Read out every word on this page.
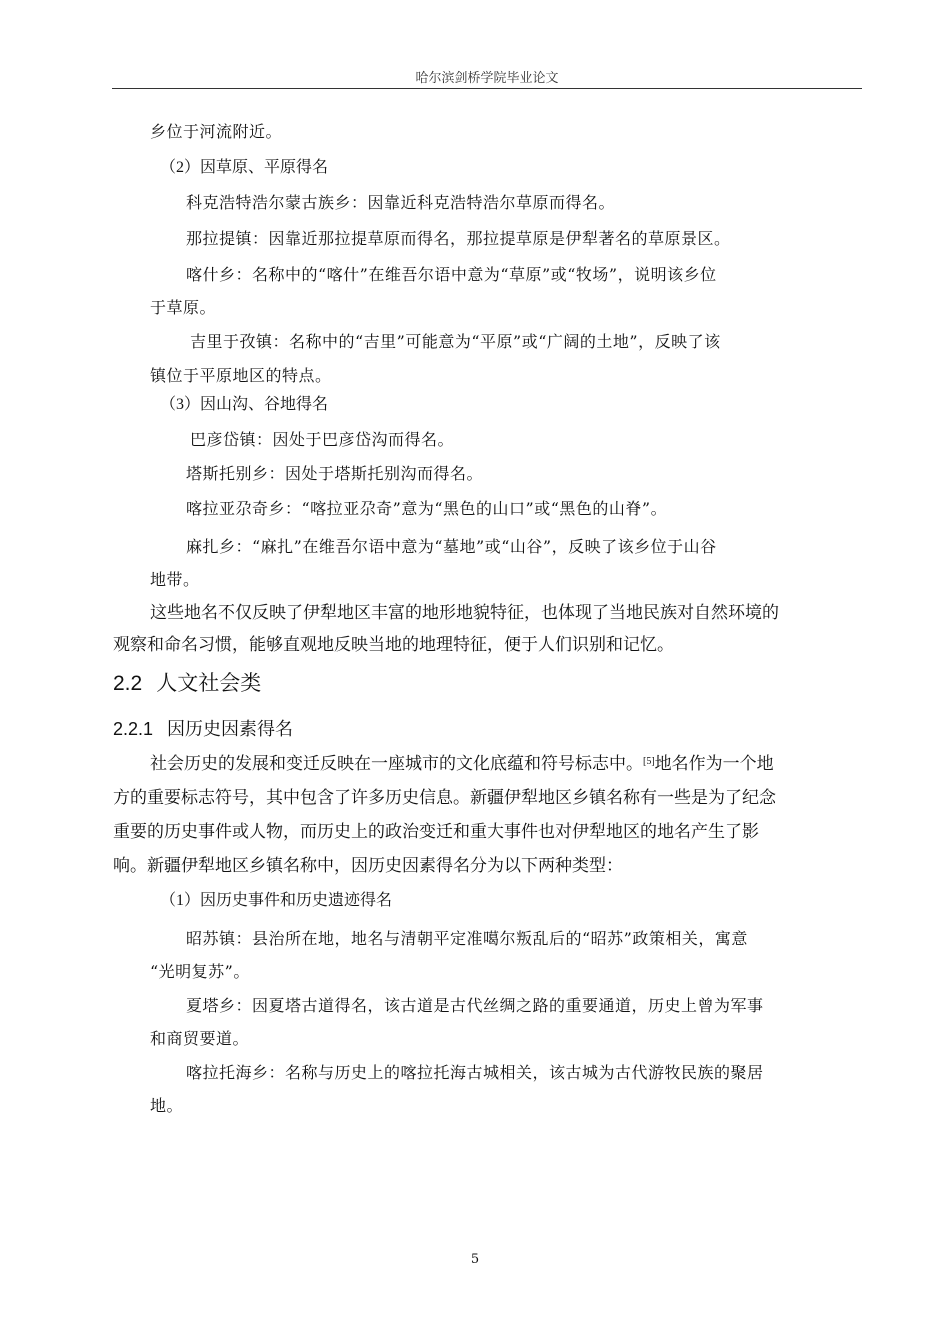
哈尔滨剑桥学院毕业论文
乡位于河流附近。
（2）因草原、平原得名
科克浩特浩尔蒙古族乡：因靠近科克浩特浩尔草原而得名。
那拉提镇：因靠近那拉提草原而得名，那拉提草原是伊犁著名的草原景区。
喀什乡：名称中的“喀什”在维吾尔语中意为“草原”或“牧场”，说明该乡位
于草原。
吉里于孜镇：名称中的“吉里”可能意为“平原”或“广阔的土地”，反映了该
镇位于平原地区的特点。
（3）因山沟、谷地得名
巴彦岱镇：因处于巴彦岱沟而得名。
塔斯托别乡：因处于塔斯托别沟而得名。
喀拉亚尕奇乡：“喀拉亚尕奇”意为“黑色的山口”或“黑色的山脊”。
麻扎乡：“麻扎”在维吾尔语中意为“墓地”或“山谷”，反映了该乡位于山谷
地带。
这些地名不仅反映了伊犁地区丰富的地形地貌特征，也体现了当地民族对自然环境的
观察和命名习惯，能够直观地反映当地的地理特征，便于人们识别和记忆。
2.2 人文社会类
2.2.1 因历史因素得名
社会历史的发展和变迁反映在一座城市的文化底蕴和符号标志中。[5]地名作为一个地
方的重要标志符号，其中包含了许多历史信息。新疆伊犁地区乡镇名称有一些是为了纪念
重要的历史事件或人物，而历史上的政治变迁和重大事件也对伊犁地区的地名产生了影
响。新疆伊犁地区乡镇名称中，因历史因素得名分为以下两种类型：
（1）因历史事件和历史遗迹得名
昭苏镇：县治所在地，地名与清朝平定准噶尔叛乱后的“昭苏”政策相关，寓意
“光明复苏”。
夏塔乡：因夏塔古道得名，该古道是古代丝绸之路的重要通道，历史上曾为军事
和商贸要道。
喀拉托海乡：名称与历史上的喀拉托海古城相关，该古城为古代游牧民族的聚居
地。
5
